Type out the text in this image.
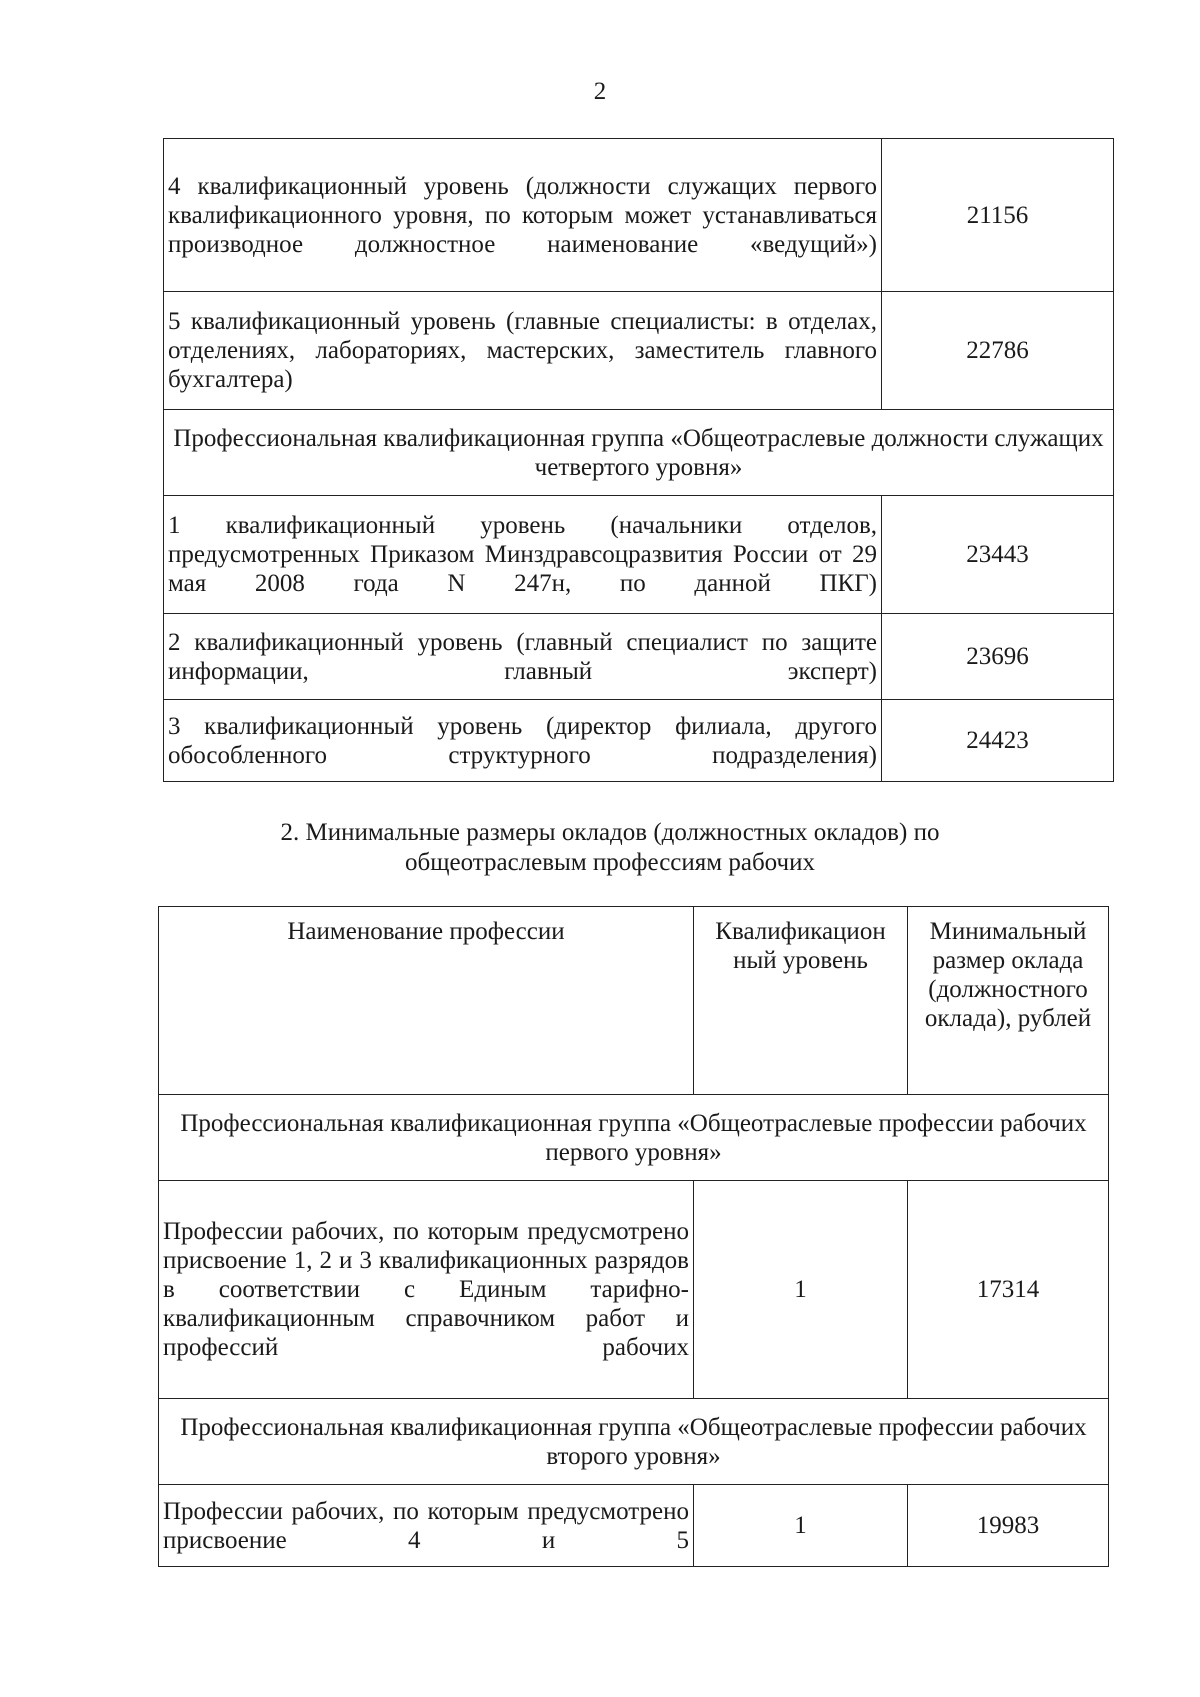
2
4 квалификационный уровень (должности служащих первого квалификационного уровня, по которым может устанавливаться производное должностное наименование «ведущий»)	21156
5 квалификационный уровень (главные специалисты: в отделах, отделениях, лабораториях, мастерских, заместитель главного бухгалтера)	22786
Профессиональная квалификационная группа «Общеотраслевые должности служащих четвертого уровня»	
1 квалификационный уровень (начальники отделов, предусмотренных Приказом Минздравсоцразвития России от 29 мая 2008 года N 247н, по данной ПКГ)	23443
2 квалификационный уровень (главный специалист по защите информации, главный эксперт)	23696
3 квалификационный уровень (директор филиала, другого обособленного структурного подразделения)	24423
2. Минимальные размеры окладов (должностных окладов) по
общеотраслевым профессиям рабочих
Наименование профессии	Квалификацион ный уровень	Минимальный размер оклада (должностного оклада), рублей
Профессиональная квалификационная группа «Общеотраслевые профессии рабочих первого уровня»		
Профессии рабочих, по которым предусмотрено присвоение 1, 2 и 3 квалификационных разрядов в соответствии с Единым тарифно-квалификационным справочником работ и профессий рабочих	1	17314
Профессиональная квалификационная группа «Общеотраслевые профессии рабочих второго уровня»		
Профессии рабочих, по которым предусмотрено присвоение 4 и 5	1	19983
